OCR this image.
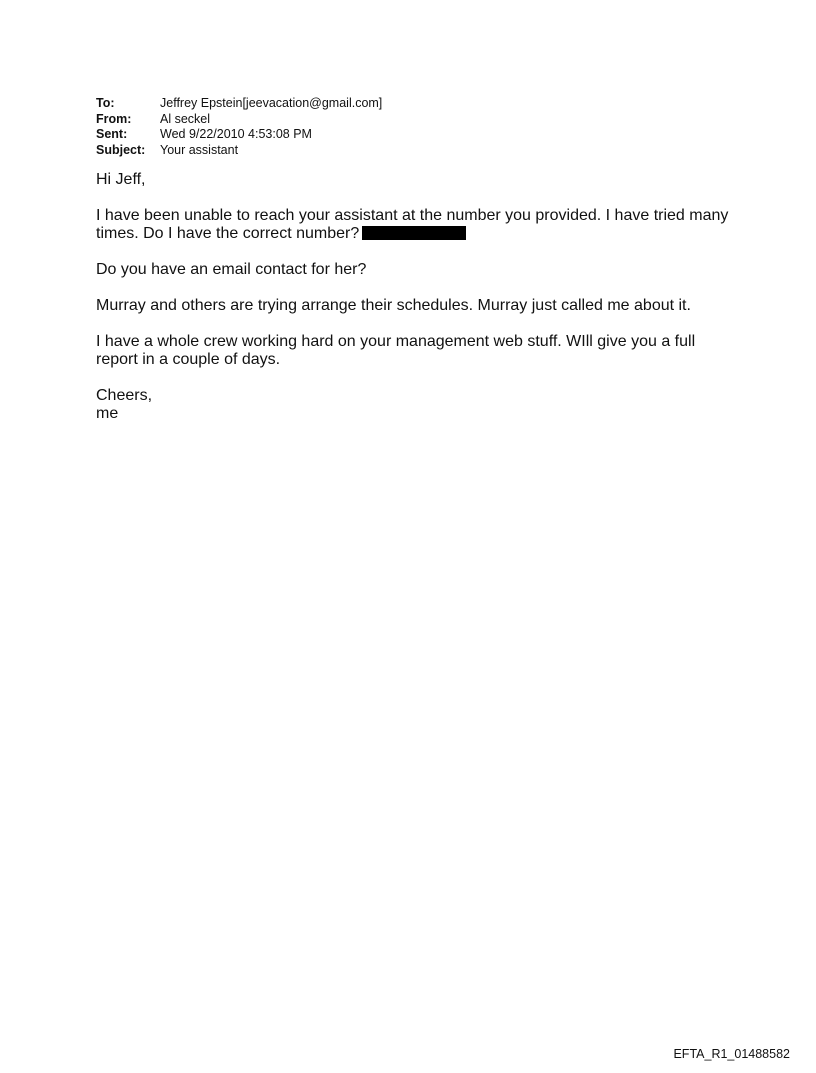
To:	Jeffrey Epstein[jeevacation@gmail.com]
From:	Al seckel
Sent:	Wed 9/22/2010 4:53:08 PM
Subject:	Your assistant

Hi Jeff,

I have been unable to reach your assistant at the number you provided. I have tried many times. Do I have the correct number?

Do you have an email contact for her?

Murray and others are trying arrange their schedules. Murray just called me about it.

I have a whole crew working hard on your management web stuff. WIll give you a full report in a couple of days.

Cheers,

me

EFTA_R1_01488582
